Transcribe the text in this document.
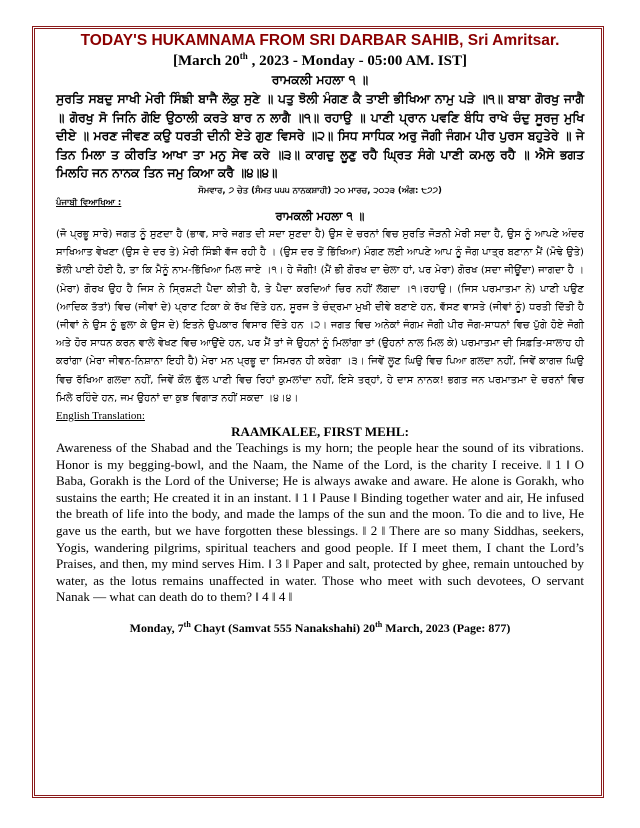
TODAY'S HUKAMNAMA FROM SRI DARBAR SAHIB, Sri Amritsar.
[March 20th , 2023 - Monday - 05:00 AM. IST]
ਰਾਮਕਲੀ ਮਹਲਾ ੧ ॥

ਸੁਰਤਿ ਸਬਦੁ ਸਾਖੀ ਮੇਰੀ ਸਿੰਙੀ ਬਾਜੈ ਲੋਕੁ ਸੁਣੇ ॥ ਪਤੁ ਝੋਲੀ ਮੰਗਣ ਕੈ ਤਾਈ ਭੀਖਿਆ ਨਾਮੁ ਪੜੇ ॥੧॥ ਬਾਬਾ ਗੋਰਖੁ ਜਾਗੈ ॥ ਗੋਰਖੁ ਸੋ ਜਿਨਿ ਗੋਇ ਉਠਾਲੀ ਕਰਤੇ ਬਾਰ ਨ ਲਾਗੈ ॥੧॥ ਰਹਾਉ ॥ ਪਾਣੀ ਪ੍ਰਾਨ ਪਵਣਿ ਬੰਧਿ ਰਾਖੇ ਚੰਦੁ ਸੂਰਜੁ ਮੁਖਿ ਦੀਏ ॥ ਮਰਣ ਜੀਵਣ ਕਉ ਧਰਤੀ ਦੀਨੀ ਏਤੇ ਗੁਣ ਵਿਸਰੇ ॥੨॥ ਸਿਧ ਸਾਧਿਕ ਅਰੁ ਜੋਗੀ ਜੰਗਮ ਪੀਰ ਪੁਰਸ ਬਹੁਤੇਰੇ ॥ ਜੇ ਤਿਨ ਮਿਲਾ ਤ ਕੀਰਤਿ ਆਖਾ ਤਾ ਮਨੁ ਸੇਵ ਕਰੇ ॥੩॥ ਕਾਗਦੁ ਲੂਣੁ ਰਹੈ ਘ੍ਰਿਤ ਸੰਗੇ ਪਾਣੀ ਕਮਲੁ ਰਹੈ ॥ ਐਸੇ ਭਗਤ ਮਿਲਹਿ ਜਨ ਨਾਨਕ ਤਿਨ ਜਮੁ ਕਿਆ ਕਰੈ ॥੪॥੪॥

ਸੋਮਵਾਰ, ੭ ਚੇਤ (ਸੰਮਤ ੫੫੫ ਨਾਨਕਸ਼ਾਹੀ) ੨੦ ਮਾਰਚ, ੨੦੨੩ (ਅੰਗ: ੮੭੭)
ਪੰਜਾਬੀ ਵਿਆਖਿਆ :
ਰਾਮਕਲੀ ਮਹਲਾ ੧ ॥

(ਜੋ ਪ੍ਰਭੂ ਸਾਰੇ) ਜਗਤ ਨੂੰ ਸੁਣਦਾ ਹੈ (ਭਾਵ, ਸਾਰੇ ਜਗਤ ਦੀ ਸਦਾ ਸੁਣਦਾ ਹੈ) ਉਸ ਦੇ ਚਰਨਾਂ ਵਿਚ ਸੁਰਤਿ ਜੋੜਨੀ ਮੇਰੀ ਸਦਾ ਹੈ, ਉਸ ਨੂੰ ਆਪਣੇ ਅੰਦਰ ਸਾਖਿਆਤ ਵੇਖਣਾ (ਉਸ ਦੇ ਦਰ ਤੇ) ਮੇਰੀ ਸਿੰਙੀ ਵੱਜ ਰਹੀ ਹੈ । (ਉਸ ਦਰ ਤੋਂ ਭਿੱਖਿਆ) ਮੰਗਣ ਲਈ ਆਪਣੇ ਆਪ ਨੂੰ ਜੋਗ ਪਾਤ੍ਰ ਬਣਾਨਾ ਮੈਂ (ਮੋਢੇ ਉਤੇ) ਝੋਲੀ ਪਾਈ ਹੋਈ ਹੈ, ਤਾ ਕਿ ਮੈਨੂੰ ਨਾਮ-ਭਿੱਖਿਆ ਮਿਲ ਜਾਏ ।੧। ਹੇ ਜੋਗੀ! (ਮੈਂ ਭੀ ਗੋਰਖ ਦਾ ਚੇਲਾ ਹਾਂ, ਪਰ ਮੇਰਾ) ਗੋਰਖ (ਸਦਾ ਜੀਊਂਦਾ) ਜਾਗਦਾ ਹੈ । (ਮੇਰਾ) ਗੋਰਖ ਉਹ ਹੈ ਜਿਸ ਨੇ ਸ੍ਰਿਸ਼ਟੀ ਪੈਦਾ ਕੀਤੀ ਹੈ, ਤੇ ਪੈਦਾ ਕਰਦਿਆਂ ਚਿਰ ਨਹੀਂ ਲੱਗਦਾ ।੧।ਰਹਾਉ। (ਜਿਸ ਪਰਮਾਤਮਾ ਨੇ) ਪਾਣੀ ਪਉਣ (ਆਦਿਕ ਤੱਤਾਂ) ਵਿਚ (ਜੀਵਾਂ ਦੇ) ਪ੍ਰਾਣ ਟਿਕਾ ਕੇ ਰੱਖ ਦਿੱਤੇ ਹਨ, ਸੂਰਜ ਤੇ ਚੰਦ੍ਰਮਾ ਮੁਖੀ ਦੀਵੇ ਬਣਾਏ ਹਨ, ਵੱਸਣ ਵਾਸਤੇ (ਜੀਵਾਂ ਨੂੰ) ਧਰਤੀ ਦਿੱਤੀ ਹੈ (ਜੀਵਾਂ ਨੇ ਉਸ ਨੂੰ ਭੁਲਾ ਕੇ ਉਸ ਦੇ) ਇਤਨੇ ਉਪਕਾਰ ਵਿਸਾਰ ਦਿੱਤੇ ਹਨ ।੨। ਜਗਤ ਵਿਚ ਅਨੇਕਾਂ ਜੰਗਮ ਜੋਗੀ ਪੀਰ ਜੋਗ-ਸਾਧਨਾਂ ਵਿਚ ਪੁੱਗੇ ਹੋਏ ਜੋਗੀ ਅਤੇ ਹੋਰ ਸਾਧਨ ਕਰਨ ਵਾਲੇ ਵੇਖਣ ਵਿਚ ਆਉਂਦੇ ਹਨ, ਪਰ ਮੈਂ ਤਾਂ ਜੇ ਉਹਨਾਂ ਨੂੰ ਮਿਲਾਂਗਾ ਤਾਂ (ਉਹਨਾਂ ਨਾਲ ਮਿਲ ਕੇ) ਪਰਮਾਤਮਾ ਦੀ ਸਿਫ਼ਤਿ-ਸਾਲਾਹ ਹੀ ਕਰਾਂਗਾ (ਮੇਰਾ ਜੀਵਨ-ਨਿਸ਼ਾਨਾ ਇਹੀ ਹੈ) ਮੇਰਾ ਮਨ ਪ੍ਰਭੂ ਦਾ ਸਿਮਰਨ ਹੀ ਕਰੇਗਾ ।੩। ਜਿਵੇਂ ਲੂਣ ਘਿਉ ਵਿਚ ਪਿਆ ਗਲਦਾ ਨਹੀਂ, ਜਿਵੇਂ ਕਾਗਜ਼ ਘਿਉ ਵਿਚ ਰੱਖਿਆ ਗਲਦਾ ਨਹੀਂ, ਜਿਵੇਂ ਕੌਲ ਫੁੱਲ ਪਾਣੀ ਵਿਚ ਰਿਹਾਂ ਕੁਮਲਾਂਦਾ ਨਹੀਂ, ਇਸੇ ਤਰ੍ਹਾਂ, ਹੇ ਦਾਸ ਨਾਨਕ! ਭਗਤ ਜਨ ਪਰਮਾਤਮਾ ਦੇ ਚਰਨਾਂ ਵਿਚ ਮਿਲੇ ਰਹਿੰਦੇ ਹਨ, ਜਮ ਉਹਨਾਂ ਦਾ ਕੁਝ ਵਿਗਾੜ ਨਹੀਂ ਸਕਦਾ ।੪।੪।

English Translation:
RAAMKALEE, FIRST MEHL:

Awareness of the Shabad and the Teachings is my horn; the people hear the sound of its vibrations. Honor is my begging-bowl, and the Naam, the Name of the Lord, is the charity I receive. ‖ 1 ‖ O Baba, Gorakh is the Lord of the Universe; He is always awake and aware. He alone is Gorakh, who sustains the earth; He created it in an instant. ‖ 1 ‖ Pause ‖ Binding together water and air, He infused the breath of life into the body, and made the lamps of the sun and the moon. To die and to live, He gave us the earth, but we have forgotten these blessings. ‖ 2 ‖ There are so many Siddhas, seekers, Yogis, wandering pilgrims, spiritual teachers and good people. If I meet them, I chant the Lord’s Praises, and then, my mind serves Him. ‖ 3 ‖ Paper and salt, protected by ghee, remain untouched by water, as the lotus remains unaffected in water. Those who meet with such devotees, O servant Nanak — what can death do to them? ‖ 4 ‖ 4 ‖

Monday, 7th Chayt (Samvat 555 Nanakshahi) 20th March, 2023 (Page: 877)
